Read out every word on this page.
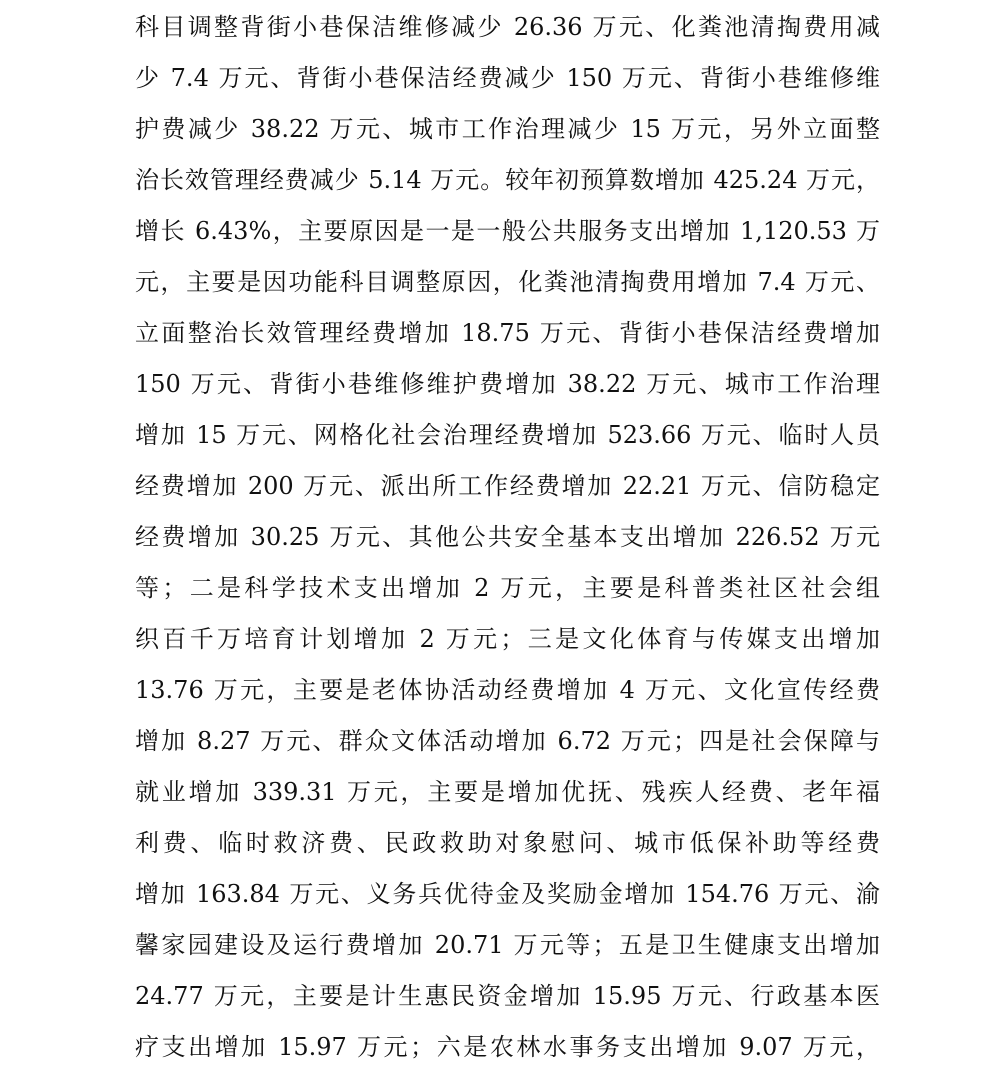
科目调整背街小巷保洁维修减少 26.36 万元、化粪池清掏费用减
少 7.4 万元、背街小巷保洁经费减少 150 万元、背街小巷维修维
护费减少 38.22 万元、城市工作治理减少 15 万元，另外立面整
治长效管理经费减少 5.14 万元。较年初预算数增加 425.24 万元，
增长 6.43%，主要原因是一是一般公共服务支出增加 1,120.53 万
元，主要是因功能科目调整原因，化粪池清掏费用增加 7.4 万元、
立面整治长效管理经费增加 18.75 万元、背街小巷保洁经费增加
150 万元、背街小巷维修维护费增加 38.22 万元、城市工作治理
增加 15 万元、网格化社会治理经费增加 523.66 万元、临时人员
经费增加 200 万元、派出所工作经费增加 22.21 万元、信防稳定
经费增加 30.25 万元、其他公共安全基本支出增加 226.52 万元
等；二是科学技术支出增加 2 万元，主要是科普类社区社会组
织百千万培育计划增加 2 万元；三是文化体育与传媒支出增加
13.76 万元，主要是老体协活动经费增加 4 万元、文化宣传经费
增加 8.27 万元、群众文体活动增加 6.72 万元；四是社会保障与
就业增加 339.31 万元，主要是增加优抚、残疾人经费、老年福
利费、临时救济费、民政救助对象慰问、城市低保补助等经费
增加 163.84 万元、义务兵优待金及奖励金增加 154.76 万元、渝
馨家园建设及运行费增加 20.71 万元等；五是卫生健康支出增加
24.77 万元，主要是计生惠民资金增加 15.95 万元、行政基本医
疗支出增加 15.97 万元；六是农林水事务支出增加 9.07 万元，
